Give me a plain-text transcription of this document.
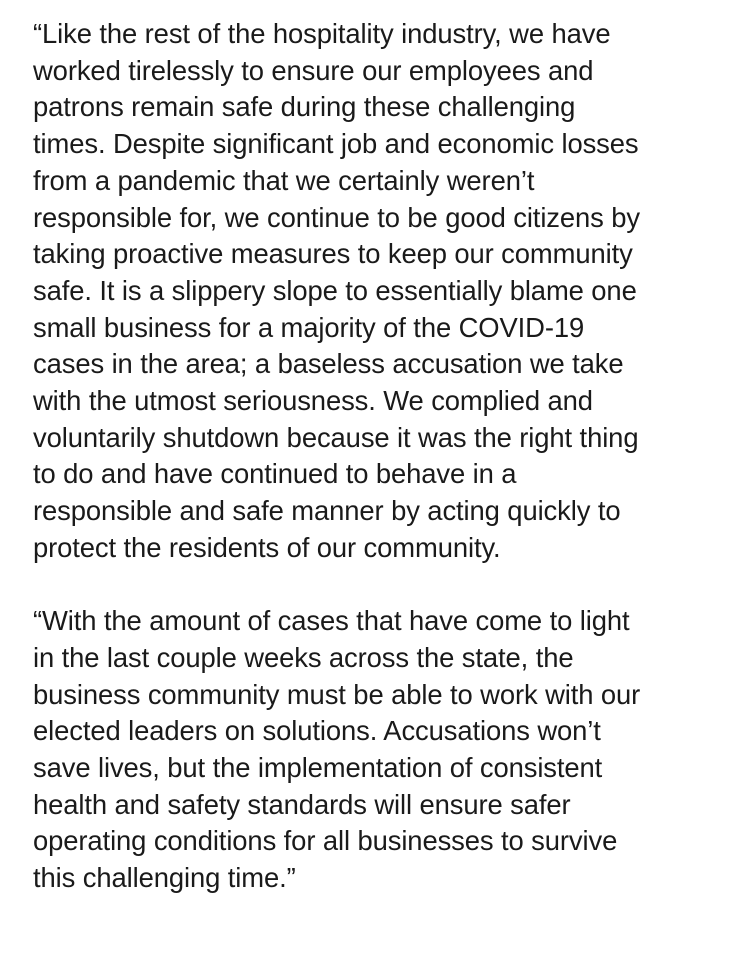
“Like the rest of the hospitality industry, we have
worked tirelessly to ensure our employees and
patrons remain safe during these challenging
times. Despite significant job and economic losses
from a pandemic that we certainly weren’t
responsible for, we continue to be good citizens by
taking proactive measures to keep our community
safe. It is a slippery slope to essentially blame one
small business for a majority of the COVID-19
cases in the area; a baseless accusation we take
with the utmost seriousness. We complied and
voluntarily shutdown because it was the right thing
to do and have continued to behave in a
responsible and safe manner by acting quickly to
protect the residents of our community.
“With the amount of cases that have come to light
in the last couple weeks across the state, the
business community must be able to work with our
elected leaders on solutions. Accusations won’t
save lives, but the implementation of consistent
health and safety standards will ensure safer
operating conditions for all businesses to survive
this challenging time.”
